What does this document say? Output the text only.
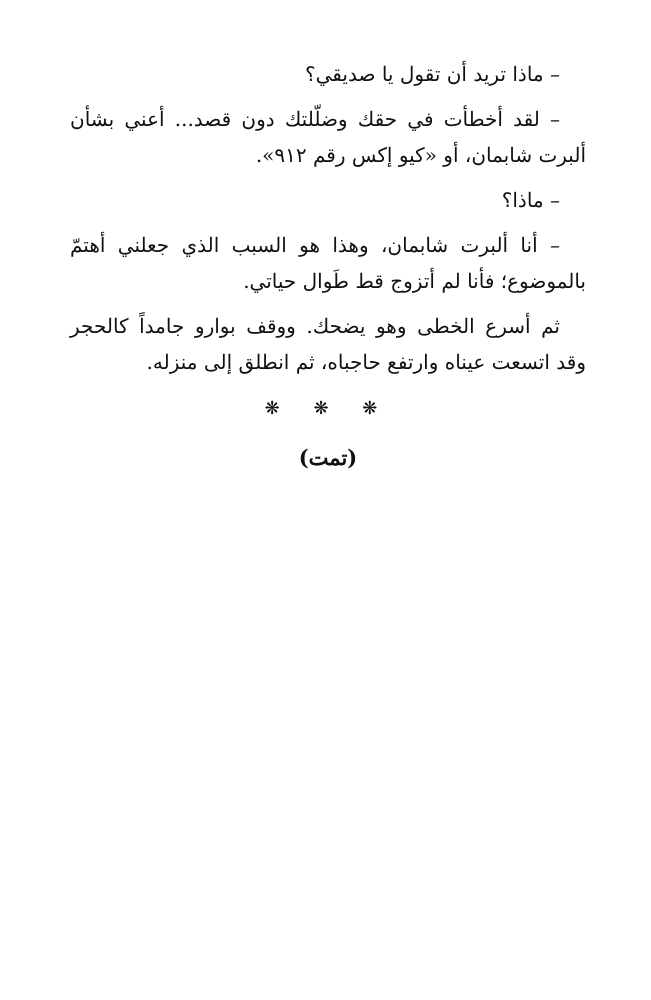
– ماذا تريد أن تقول يا صديقي؟

– لقد أخطأت في حقك وضلّلتك دون قصد... أعني بشأن ألبرت شابمان، أو «كيو إكس رقم ٩١٢».

– ماذا؟

– أنا ألبرت شابمان، وهذا هو السبب الذي جعلني أهتمّ بالموضوع؛ فأنا لم أتزوج قط طَوال حياتي.

ثم أسرع الخطى وهو يضحك. ووقف بوارو جامداً كالحجر وقد اتسعت عيناه وارتفع حاجباه، ثم انطلق إلى منزله.

❋ ❋ ❋
(تمت)
